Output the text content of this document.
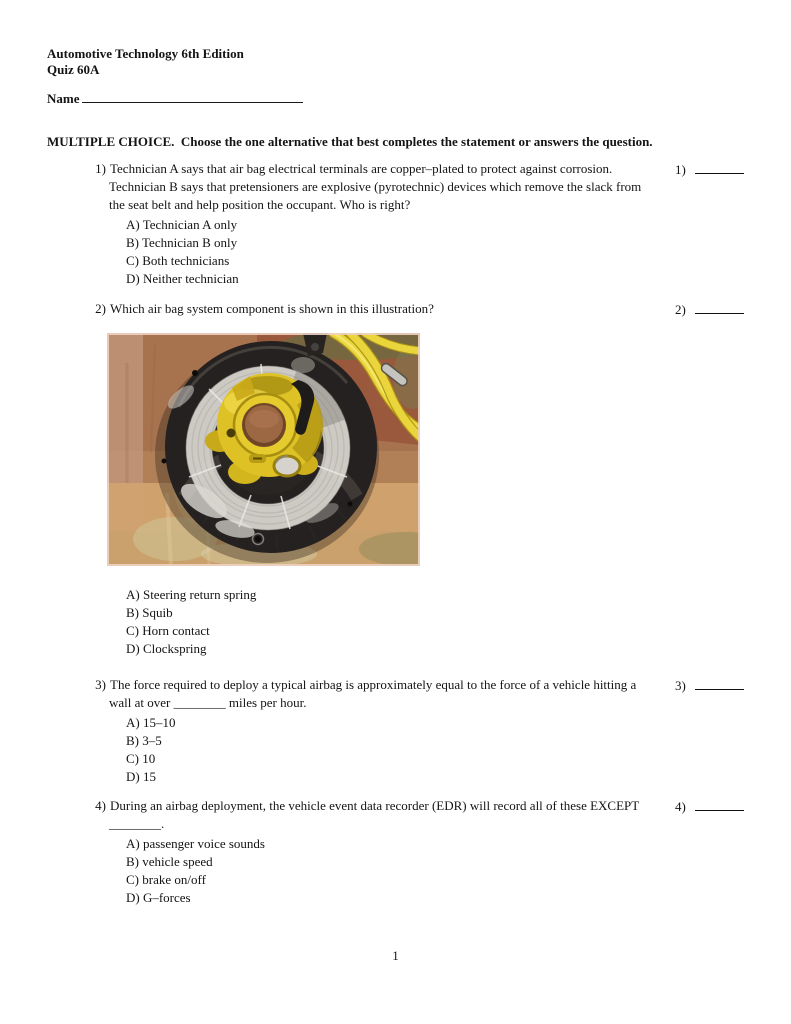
Automotive Technology 6th Edition
Quiz 60A
Name
MULTIPLE CHOICE.  Choose the one alternative that best completes the statement or answers the question.

1) Technician A says that air bag electrical terminals are copper–plated to protect against corrosion. Technician B says that pretensioners are explosive (pyrotechnic) devices which remove the slack from the seat belt and help position the occupant. Who is right?

A) Technician A only
B) Technician B only
C) Both technicians
D) Neither technician
1)

2) Which air bag system component is shown in this illustration?	2)
A) Steering return spring
B) Squib
C) Horn contact
D) Clockspring

3) The force required to deploy a typical airbag is approximately equal to the force of a vehicle hitting a wall at over ________ miles per hour.

A) 15–10
B) 3–5
C) 10
D) 15
3)

4) During an airbag deployment, the vehicle event data recorder (EDR) will record all of these EXCEPT ________.

A) passenger voice sounds
B) vehicle speed
C) brake on/off
D) G–forces
4)
1
